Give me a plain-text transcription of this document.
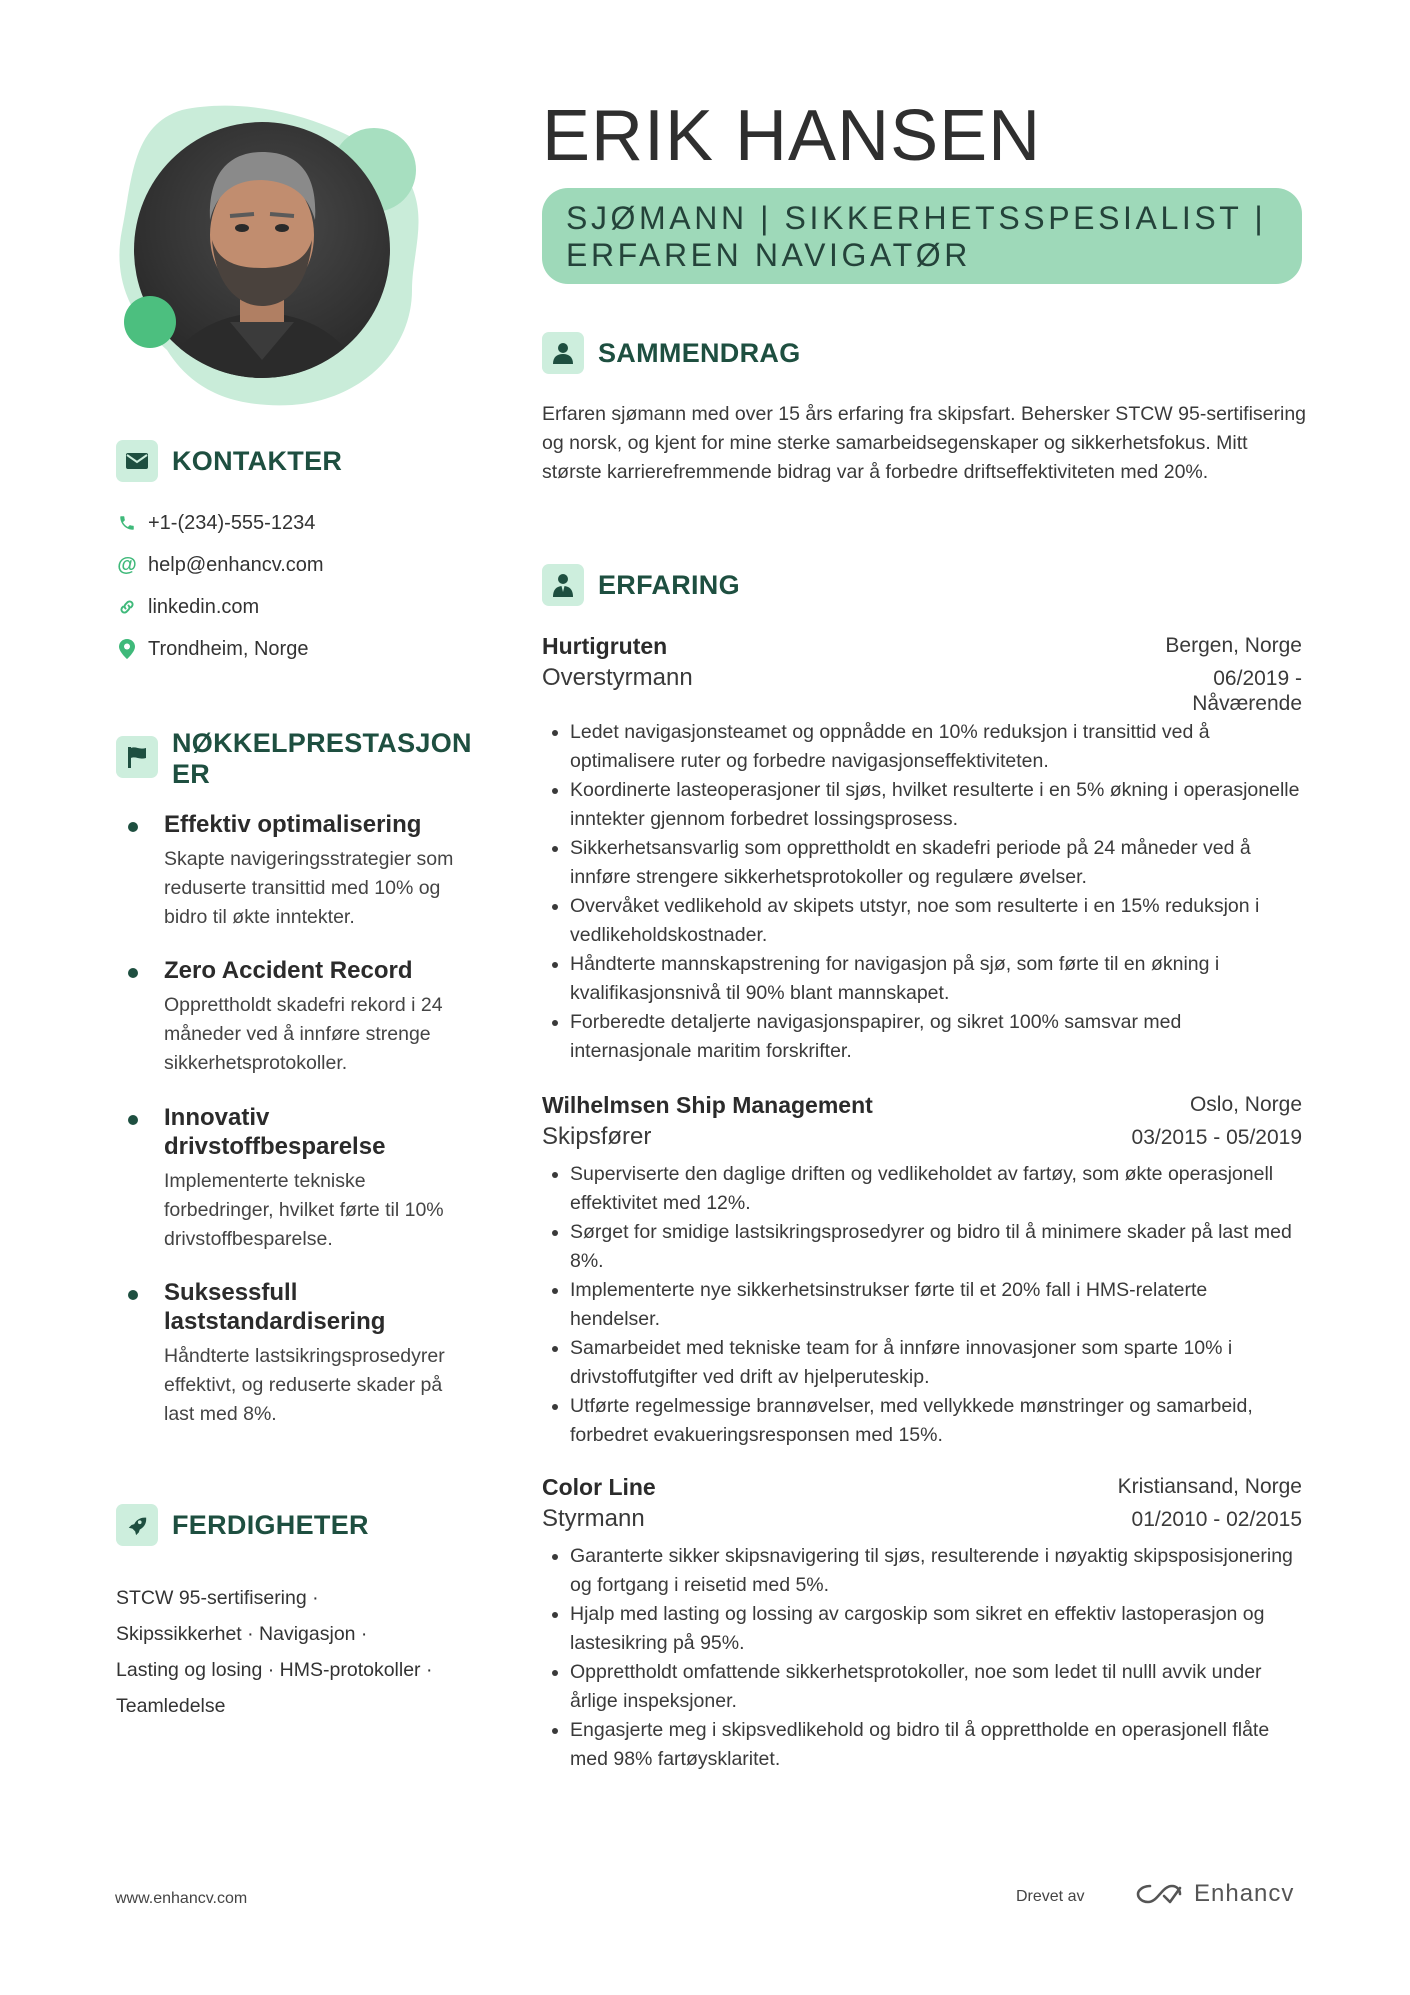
ERIK HANSEN
SJØMANN | SIKKERHETSSPESIALIST | ERFAREN NAVIGATØR
KONTAKTER
+1-(234)-555-1234
@ help@enhancv.com
linkedin.com
Trondheim, Norge
NØKKELPRESTASJONER
Effektiv optimalisering
Skapte navigeringsstrategier som reduserte transittid med 10% og bidro til økte inntekter.
Zero Accident Record
Opprettholdt skadefri rekord i 24 måneder ved å innføre strenge sikkerhetsprotokoller.
Innovativ drivstoffbesparelse
Implementerte tekniske forbedringer, hvilket førte til 10% drivstoffbesparelse.
Suksessfull laststandardisering
Håndterte lastsikringsprosedyrer effektivt, og reduserte skader på last med 8%.
FERDIGHETER
STCW 95-sertifisering ·
Skipssikkerhet · Navigasjon ·
Lasting og losing · HMS-protokoller ·
Teamledelse
SAMMENDRAG
Erfaren sjømann med over 15 års erfaring fra skipsfart. Behersker STCW 95-sertifisering og norsk, og kjent for mine sterke samarbeidsegenskaper og sikkerhetsfokus. Mitt største karrierefremmende bidrag var å forbedre driftseffektiviteten med 20%.
ERFARING
Hurtigruten	Bergen, Norge
Overstyrmann	06/2019 - Nåværende
Ledet navigasjonsteamet og oppnådde en 10% reduksjon i transittid ved å optimalisere ruter og forbedre navigasjonseffektiviteten.
Koordinerte lasteoperasjoner til sjøs, hvilket resulterte i en 5% økning i operasjonelle inntekter gjennom forbedret lossingsprosess.
Sikkerhetsansvarlig som opprettholdt en skadefri periode på 24 måneder ved å innføre strengere sikkerhetsprotokoller og regulære øvelser.
Overvåket vedlikehold av skipets utstyr, noe som resulterte i en 15% reduksjon i vedlikeholdskostnader.
Håndterte mannskapstrening for navigasjon på sjø, som førte til en økning i kvalifikasjonsnivå til 90% blant mannskapet.
Forberedte detaljerte navigasjonspapirer, og sikret 100% samsvar med internasjonale maritim forskrifter.
Wilhelmsen Ship Management	Oslo, Norge
Skipsfører	03/2015 - 05/2019
Superviserte den daglige driften og vedlikeholdet av fartøy, som økte operasjonell effektivitet med 12%.
Sørget for smidige lastsikringsprosedyrer og bidro til å minimere skader på last med 8%.
Implementerte nye sikkerhetsinstrukser førte til et 20% fall i HMS-relaterte hendelser.
Samarbeidet med tekniske team for å innføre innovasjoner som sparte 10% i drivstoffutgifter ved drift av hjelperuteskip.
Utførte regelmessige brannøvelser, med vellykkede mønstringer og samarbeid, forbedret evakueringsresponsen med 15%.
Color Line	Kristiansand, Norge
Styrmann	01/2010 - 02/2015
Garanterte sikker skipsnavigering til sjøs, resulterende i nøyaktig skipsposisjonering og fortgang i reisetid med 5%.
Hjalp med lasting og lossing av cargoskip som sikret en effektiv lastoperasjon og lastesikring på 95%.
Opprettholdt omfattende sikkerhetsprotokoller, noe som ledet til nulll avvik under årlige inspeksjoner.
Engasjerte meg i skipsvedlikehold og bidro til å opprettholde en operasjonell flåte med 98% fartøysklaritet.
www.enhancv.com	Drevet av	Enhancv
